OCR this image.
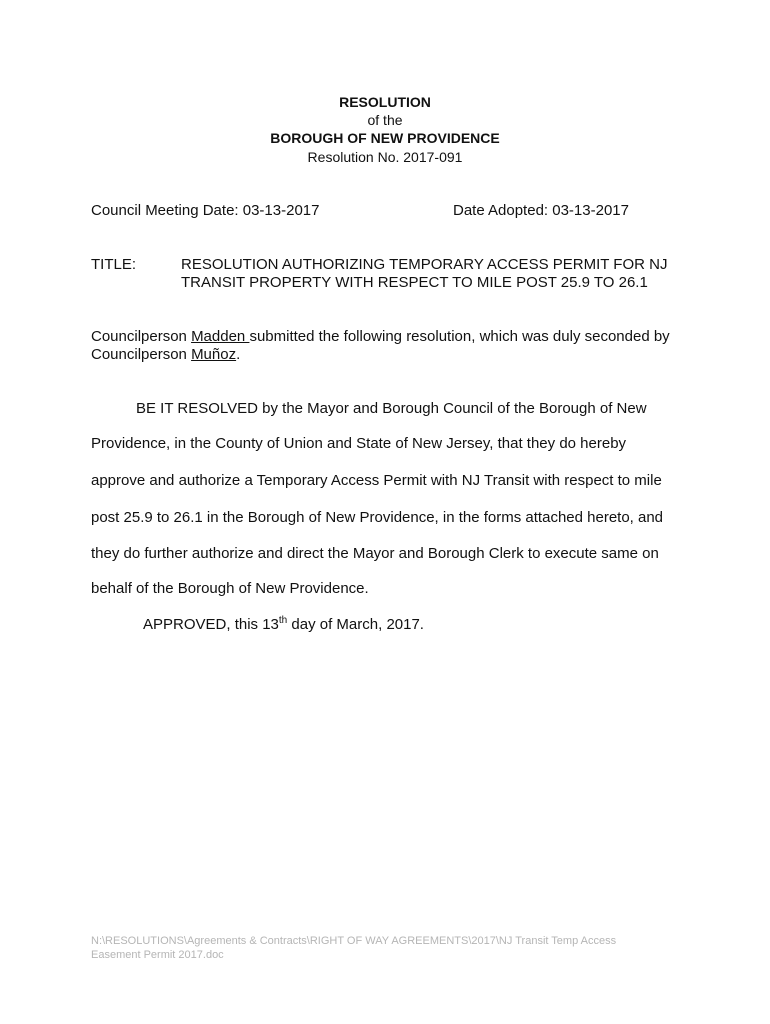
RESOLUTION
of the
BOROUGH OF NEW PROVIDENCE
Resolution No. 2017-091
Council Meeting Date: 03-13-2017	Date Adopted: 03-13-2017
TITLE:	RESOLUTION AUTHORIZING TEMPORARY ACCESS PERMIT FOR NJ
TRANSIT PROPERTY WITH RESPECT TO MILE POST 25.9 TO 26.1
Councilperson Madden submitted the following resolution, which was duly seconded by
Councilperson Muñoz.
BE IT RESOLVED by the Mayor and Borough Council of the Borough of New
Providence, in the County of Union and State of New Jersey, that they do hereby
approve and authorize a Temporary Access Permit with NJ Transit with respect to mile
post 25.9 to 26.1 in the Borough of New Providence, in the forms attached hereto, and
they do further authorize and direct the Mayor and Borough Clerk to execute same on
behalf of the Borough of New Providence.
APPROVED, this 13th day of March, 2017.
N:\RESOLUTIONS\Agreements & Contracts\RIGHT OF WAY AGREEMENTS\2017\NJ Transit Temp Access
Easement Permit 2017.doc
